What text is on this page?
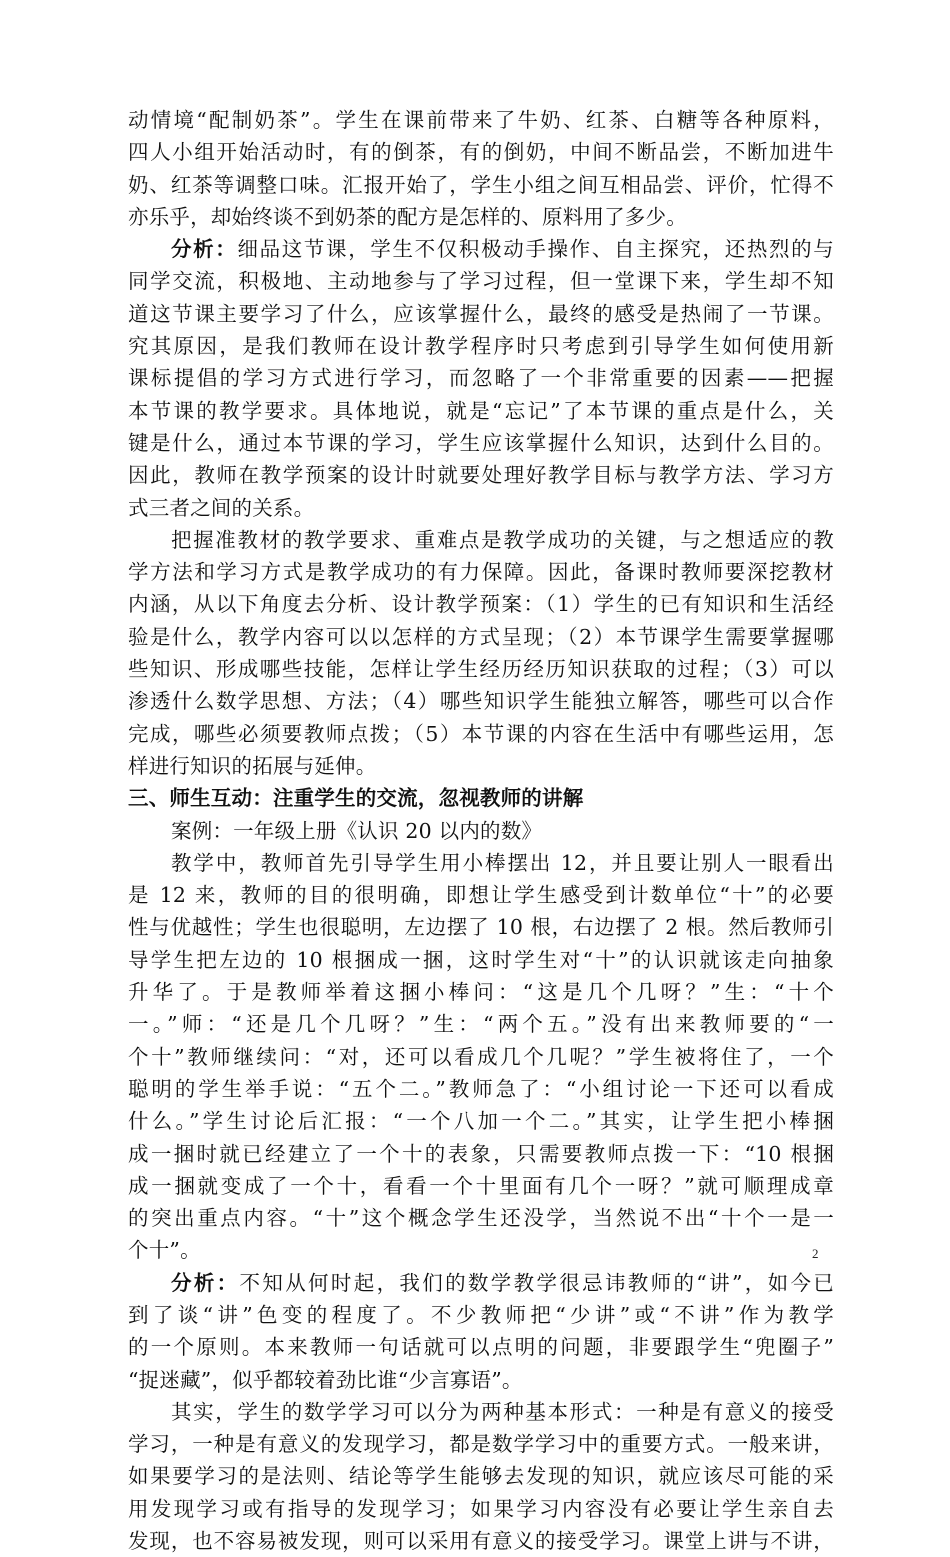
动情境“配制奶茶”。学生在课前带来了牛奶、红茶、白糖等各种原料，
四人小组开始活动时，有的倒茶，有的倒奶，中间不断品尝，不断加进牛
奶、红茶等调整口味。汇报开始了，学生小组之间互相品尝、评价，忙得不
亦乐乎，却始终谈不到奶茶的配方是怎样的、原料用了多少。
分析：细品这节课，学生不仅积极动手操作、自主探究，还热烈的与
同学交流，积极地、主动地参与了学习过程，但一堂课下来，学生却不知
道这节课主要学习了什么，应该掌握什么，最终的感受是热闹了一节课。
究其原因，是我们教师在设计教学程序时只考虑到引导学生如何使用新
课标提倡的学习方式进行学习，而忽略了一个非常重要的因素——把握
本节课的教学要求。具体地说，就是“忘记”了本节课的重点是什么，关
键是什么，通过本节课的学习，学生应该掌握什么知识，达到什么目的。
因此，教师在教学预案的设计时就要处理好教学目标与教学方法、学习方
式三者之间的关系。
把握准教材的教学要求、重难点是教学成功的关键，与之想适应的教
学方法和学习方式是教学成功的有力保障。因此，备课时教师要深挖教材
内涵，从以下角度去分析、设计教学预案：（1）学生的已有知识和生活经
验是什么，教学内容可以以怎样的方式呈现；（2）本节课学生需要掌握哪
些知识、形成哪些技能，怎样让学生经历经历知识获取的过程；（3）可以
渗透什么数学思想、方法；（4）哪些知识学生能独立解答，哪些可以合作
完成，哪些必须要教师点拨；（5）本节课的内容在生活中有哪些运用，怎
样进行知识的拓展与延伸。
三、师生互动：注重学生的交流，忽视教师的讲解
案例：一年级上册《认识 20 以内的数》
教学中，教师首先引导学生用小棒摆出 12，并且要让别人一眼看出
是 12 来，教师的目的很明确，即想让学生感受到计数单位“十”的必要
性与优越性；学生也很聪明，左边摆了 10 根，右边摆了 2 根。然后教师引
导学生把左边的 10 根捆成一捆，这时学生对“十”的认识就该走向抽象
升华了。于是教师举着这捆小棒问：“这是几个几呀？”生：“十个
一。”师：“还是几个几呀？”生：“两个五。”没有出来教师要的“一
个十”教师继续问：“对，还可以看成几个几呢？”学生被将住了，一个
聪明的学生举手说：“五个二。”教师急了：“小组讨论一下还可以看成
什么。”学生讨论后汇报：“一个八加一个二。”其实，让学生把小棒捆
成一捆时就已经建立了一个十的表象，只需要教师点拨一下：“10 根捆
成一捆就变成了一个十，看看一个十里面有几个一呀？”就可顺理成章
的突出重点内容。“十”这个概念学生还没学，当然说不出“十个一是一
个十”。
分析：不知从何时起，我们的数学教学很忌讳教师的“讲”，如今已
到了谈“讲”色变的程度了。不少教师把“少讲”或“不讲”作为教学
的一个原则。本来教师一句话就可以点明的问题，非要跟学生“兜圈子”
“捉迷藏”，似乎都较着劲比谁“少言寡语”。
其实，学生的数学学习可以分为两种基本形式：一种是有意义的接受
学习，一种是有意义的发现学习，都是数学学习中的重要方式。一般来讲，
如果要学习的是法则、结论等学生能够去发现的知识，就应该尽可能的采
用发现学习或有指导的发现学习；如果学习内容没有必要让学生亲自去
发现，也不容易被发现，则可以采用有意义的接受学习。课堂上讲与不讲，
2
